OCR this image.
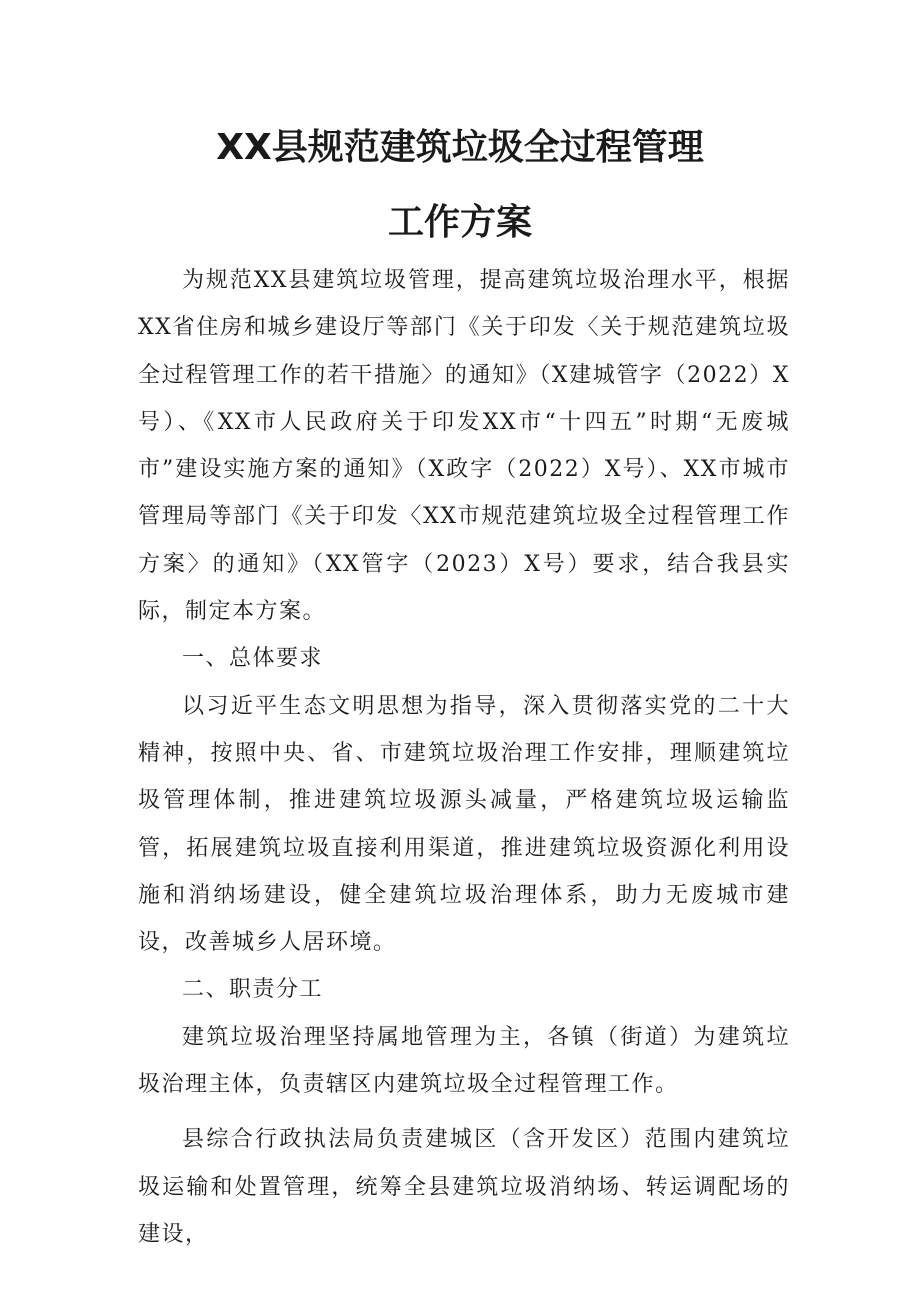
XX县规范建筑垃圾全过程管理
工作方案

为规范XX县建筑垃圾管理，提高建筑垃圾治理水平，根据XX省住房和城乡建设厅等部门《关于印发〈关于规范建筑垃圾全过程管理工作的若干措施〉的通知》（X建城管字（2022）X号）、《XX市人民政府关于印发XX市“十四五”时期“无废城市”建设实施方案的通知》（X政字（2022）X号）、XX市城市管理局等部门《关于印发〈XX市规范建筑垃圾全过程管理工作方案〉的通知》（XX管字（2023）X号）要求，结合我县实际，制定本方案。

一、总体要求

以习近平生态文明思想为指导，深入贯彻落实党的二十大精神，按照中央、省、市建筑垃圾治理工作安排，理顺建筑垃圾管理体制，推进建筑垃圾源头减量，严格建筑垃圾运输监管，拓展建筑垃圾直接利用渠道，推进建筑垃圾资源化利用设施和消纳场建设，健全建筑垃圾治理体系，助力无废城市建设，改善城乡人居环境。

二、职责分工

建筑垃圾治理坚持属地管理为主，各镇（街道）为建筑垃圾治理主体，负责辖区内建筑垃圾全过程管理工作。

县综合行政执法局负责建城区（含开发区）范围内建筑垃圾运输和处置管理，统筹全县建筑垃圾消纳场、转运调配场的建设，
